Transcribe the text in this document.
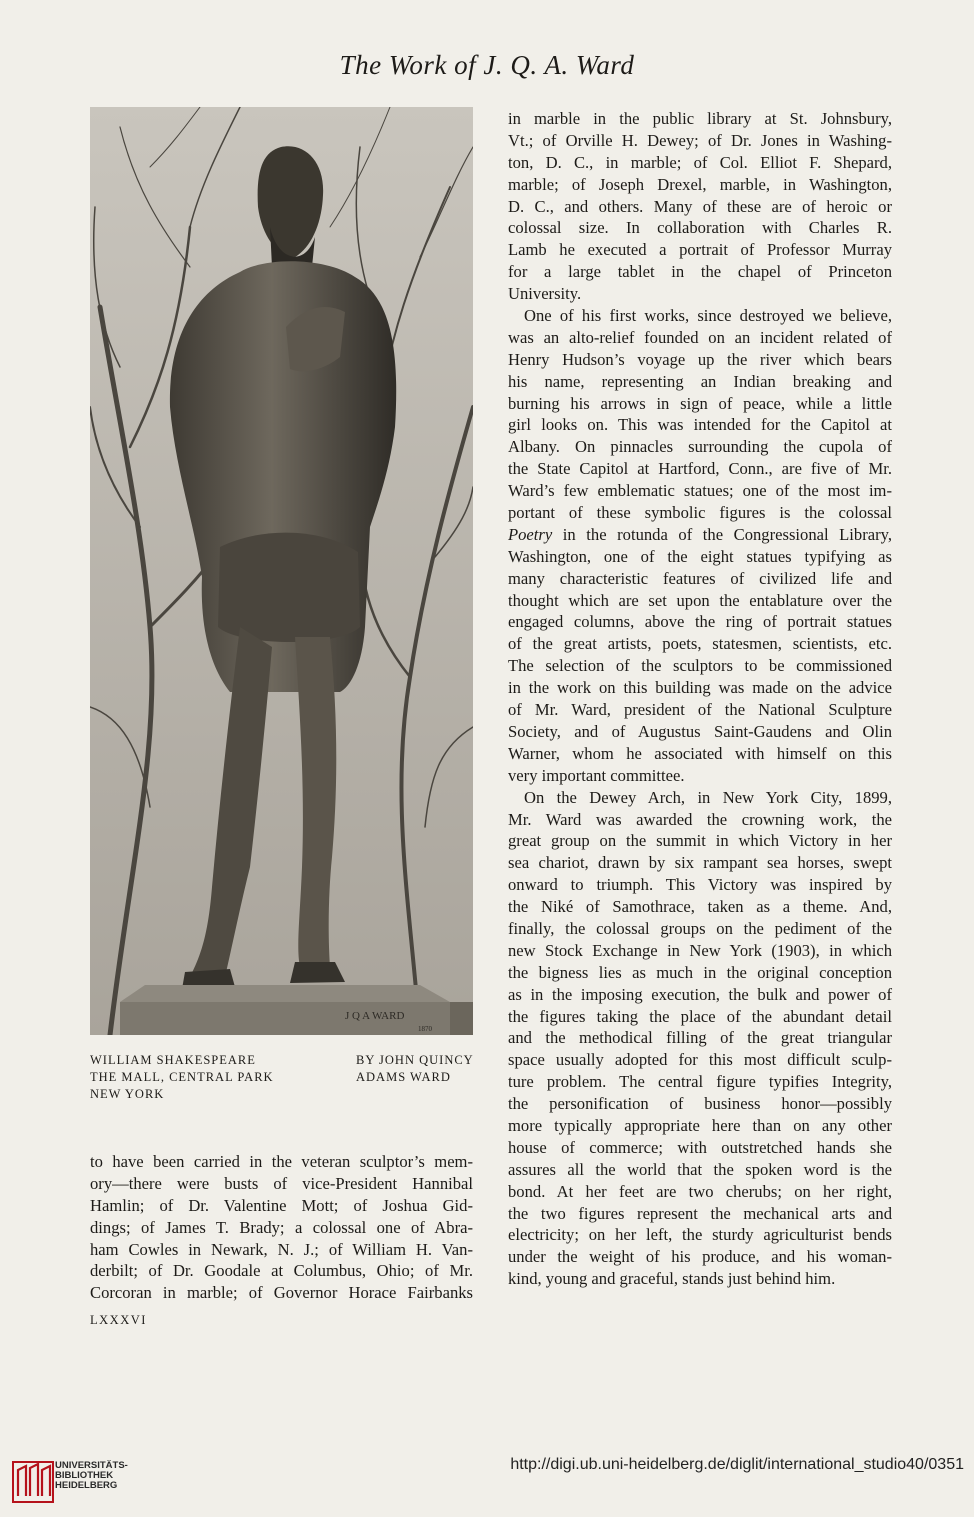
The Work of J. Q. A. Ward
J Q A WARD
1870
WILLIAM SHAKESPEARE
THE MALL, CENTRAL PARK
NEW YORK
BY JOHN QUINCY
ADAMS WARD
in marble in the public library at St. Johnsbury,
Vt.; of Orville H. Dewey; of Dr. Jones in Washing-
ton, D. C., in marble; of Col. Elliot F. Shepard,
marble; of Joseph Drexel, marble, in Washington,
D. C., and others. Many of these are of heroic or
colossal size. In collaboration with Charles R.
Lamb he executed a portrait of Professor Murray
for a large tablet in the chapel of Princeton
University.
One of his first works, since destroyed we believe,
was an alto-relief founded on an incident related of
Henry Hudson’s voyage up the river which bears
his name, representing an Indian breaking and
burning his arrows in sign of peace, while a little
girl looks on. This was intended for the Capitol at
Albany. On pinnacles surrounding the cupola of
the State Capitol at Hartford, Conn., are five of Mr.
Ward’s few emblematic statues; one of the most im-
portant of these symbolic figures is the colossal
Poetry in the rotunda of the Congressional Library,
Washington, one of the eight statues typifying as
many characteristic features of civilized life and
thought which are set upon the entablature over the
engaged columns, above the ring of portrait statues
of the great artists, poets, statesmen, scientists, etc.
The selection of the sculptors to be commissioned
in the work on this building was made on the advice
of Mr. Ward, president of the National Sculpture
Society, and of Augustus Saint-Gaudens and Olin
Warner, whom he associated with himself on this
very important committee.
On the Dewey Arch, in New York City, 1899,
Mr. Ward was awarded the crowning work, the
great group on the summit in which Victory in her
sea chariot, drawn by six rampant sea horses, swept
onward to triumph. This Victory was inspired by
the Niké of Samothrace, taken as a theme. And,
finally, the colossal groups on the pediment of the
new Stock Exchange in New York (1903), in which
the bigness lies as much in the original conception
as in the imposing execution, the bulk and power of
the figures taking the place of the abundant detail
and the methodical filling of the great triangular
space usually adopted for this most difficult sculp-
ture problem. The central figure typifies Integrity,
the personification of business honor—possibly
more typically appropriate here than on any other
house of commerce; with outstretched hands she
assures all the world that the spoken word is the
bond. At her feet are two cherubs; on her right,
the two figures represent the mechanical arts and
electricity; on her left, the sturdy agriculturist bends
under the weight of his produce, and his woman-
kind, young and graceful, stands just behind him.
to have been carried in the veteran sculptor’s mem-
ory—there were busts of vice-President Hannibal
Hamlin; of Dr. Valentine Mott; of Joshua Gid-
dings; of James T. Brady; a colossal one of Abra-
ham Cowles in Newark, N. J.; of William H. Van-
derbilt; of Dr. Goodale at Columbus, Ohio; of Mr.
Corcoran in marble; of Governor Horace Fairbanks
LXXXVI
UNIVERSITÄTS-
BIBLIOTHEK
HEIDELBERG
http://digi.ub.uni-heidelberg.de/diglit/international_studio40/0351
